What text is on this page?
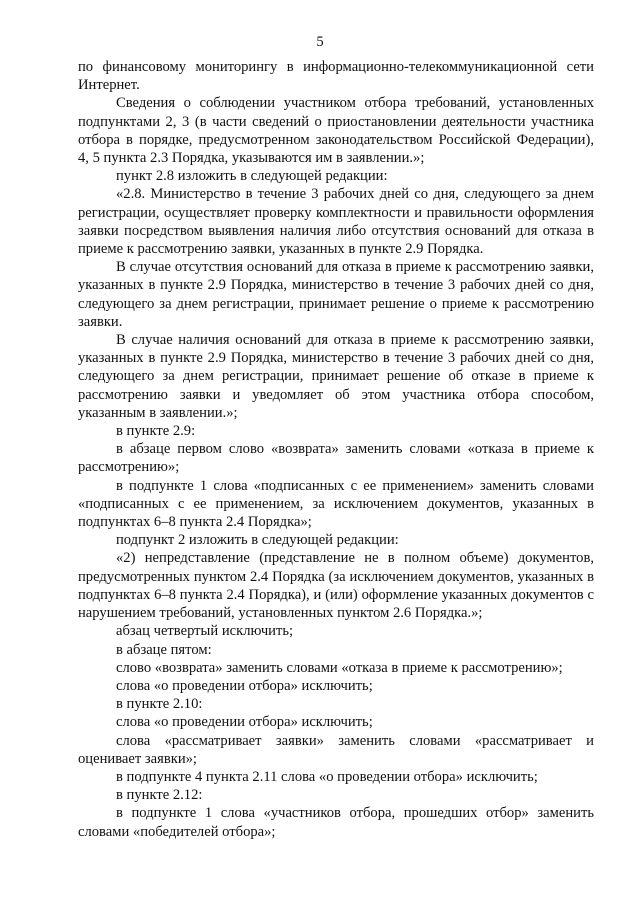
5

по финансовому мониторингу в информационно-телекоммуникационной сети Интернет.

Сведения о соблюдении участником отбора требований, установленных подпунктами 2, 3 (в части сведений о приостановлении деятельности участника отбора в порядке, предусмотренном законодательством Российской Федерации), 4, 5 пункта 2.3 Порядка, указываются им в заявлении.»;

пункт 2.8 изложить в следующей редакции:

«2.8. Министерство в течение 3 рабочих дней со дня, следующего за днем регистрации, осуществляет проверку комплектности и правильности оформления заявки посредством выявления наличия либо отсутствия оснований для отказа в приеме к рассмотрению заявки, указанных в пункте 2.9 Порядка.

В случае отсутствия оснований для отказа в приеме к рассмотрению заявки, указанных в пункте 2.9 Порядка, министерство в течение 3 рабочих дней со дня, следующего за днем регистрации, принимает решение о приеме к рассмотрению заявки.

В случае наличия оснований для отказа в приеме к рассмотрению заявки, указанных в пункте 2.9 Порядка, министерство в течение 3 рабочих дней со дня, следующего за днем регистрации, принимает решение об отказе в приеме к рассмотрению заявки и уведомляет об этом участника отбора способом, указанным в заявлении.»;

в пункте 2.9:

в абзаце первом слово «возврата» заменить словами «отказа в приеме к рассмотрению»;

в подпункте 1 слова «подписанных с ее применением» заменить словами «подписанных с ее применением, за исключением документов, указанных в подпунктах 6–8 пункта 2.4 Порядка»;

подпункт 2 изложить в следующей редакции:

«2) непредставление (представление не в полном объеме) документов, предусмотренных пунктом 2.4 Порядка (за исключением документов, указанных в подпунктах 6–8 пункта 2.4 Порядка), и (или) оформление указанных документов с нарушением требований, установленных пунктом 2.6 Порядка.»;

абзац четвертый исключить;

в абзаце пятом:

слово «возврата» заменить словами «отказа в приеме к рассмотрению»;

слова «о проведении отбора» исключить;

в пункте 2.10:

слова «о проведении отбора» исключить;

слова «рассматривает заявки» заменить словами «рассматривает и оценивает заявки»;

в подпункте 4 пункта 2.11 слова «о проведении отбора» исключить;

в пункте 2.12:

в подпункте 1 слова «участников отбора, прошедших отбор» заменить словами «победителей отбора»;
